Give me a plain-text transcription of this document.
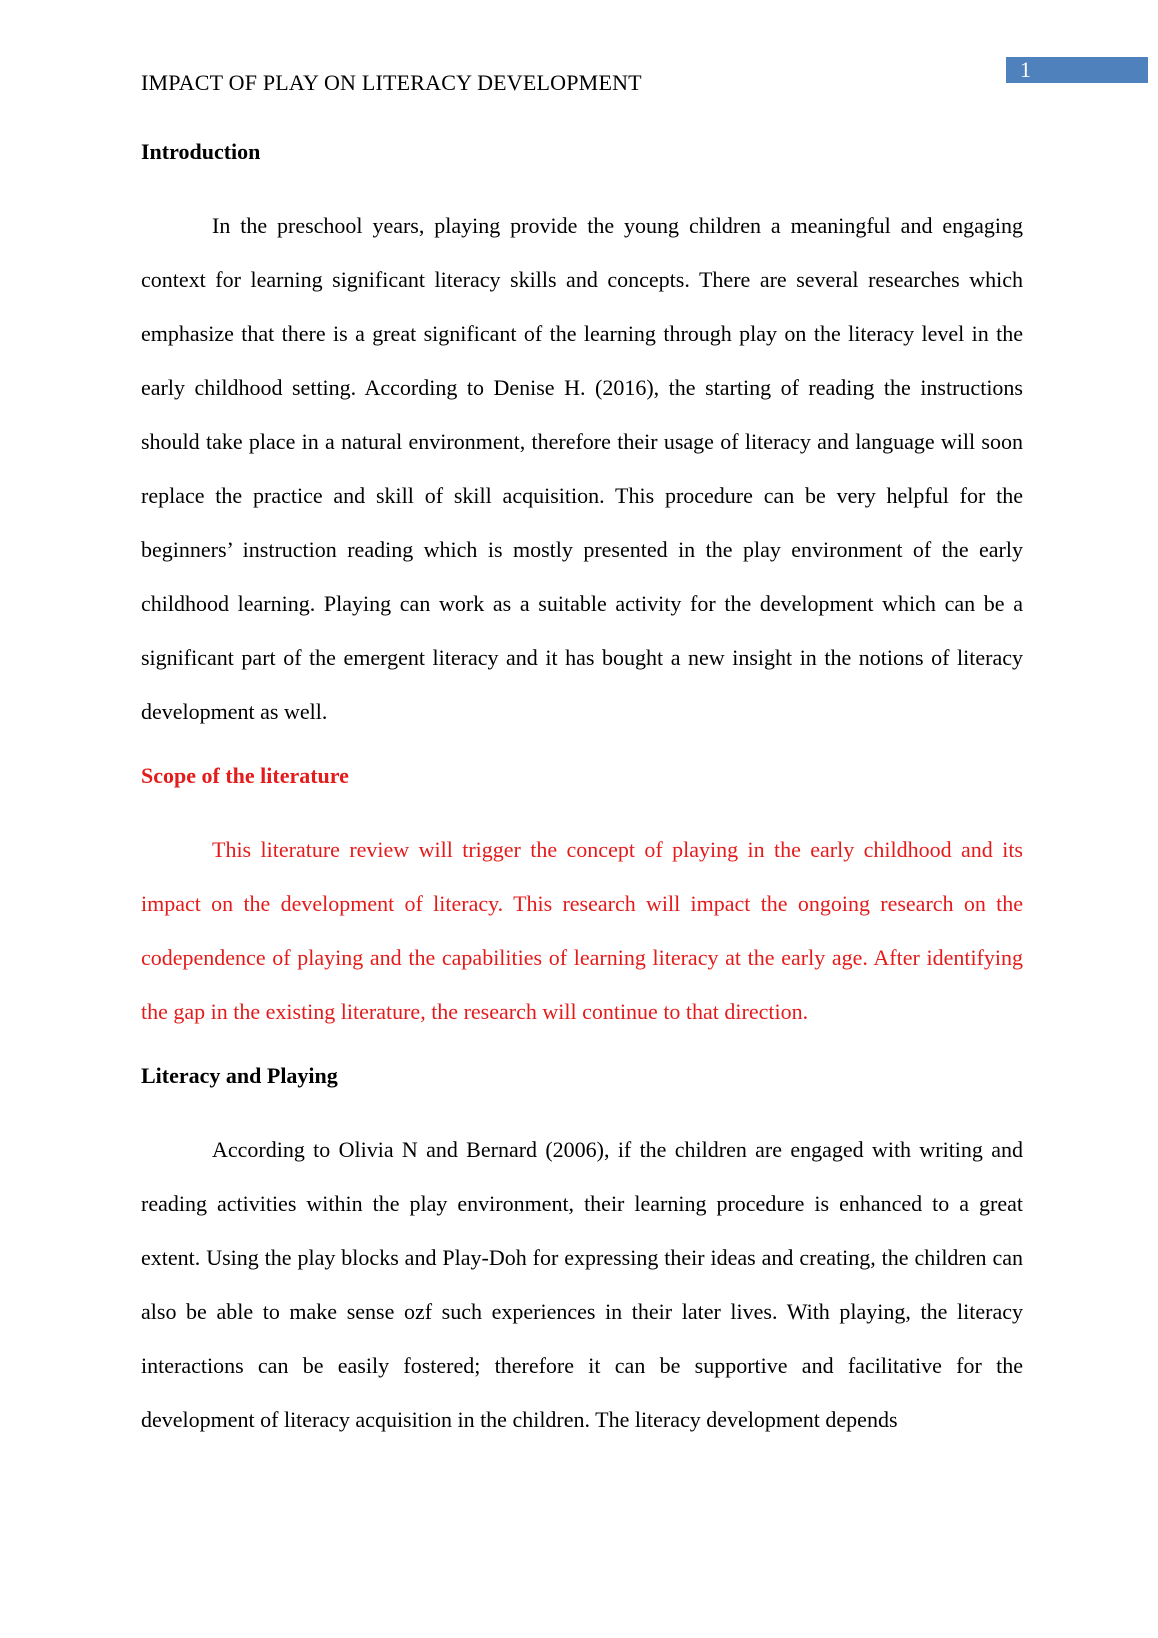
IMPACT OF PLAY ON LITERACY DEVELOPMENT
1
Introduction

In the preschool years, playing provide the young children a meaningful and engaging context for learning significant literacy skills and concepts. There are several researches which emphasize that there is a great significant of the learning through play on the literacy level in the early childhood setting. According to Denise H. (2016), the starting of reading the instructions should take place in a natural environment, therefore their usage of literacy and language will soon replace the practice and skill of skill acquisition. This procedure can be very helpful for the beginners’ instruction reading which is mostly presented in the play environment of the early childhood learning. Playing can work as a suitable activity for the development which can be a significant part of the emergent literacy and it has bought a new insight in the notions of literacy development as well.

Scope of the literature

This literature review will trigger the concept of playing in the early childhood and its impact on the development of literacy. This research will impact the ongoing research on the codependence of playing and the capabilities of learning literacy at the early age. After identifying the gap in the existing literature, the research will continue to that direction.

Literacy and Playing

According to Olivia N and Bernard (2006), if the children are engaged with writing and reading activities within the play environment, their learning procedure is enhanced to a great extent. Using the play blocks and Play-Doh for expressing their ideas and creating, the children can also be able to make sense ozf such experiences in their later lives. With playing, the literacy interactions can be easily fostered; therefore it can be supportive and facilitative for the development of literacy acquisition in the children. The literacy development depends
